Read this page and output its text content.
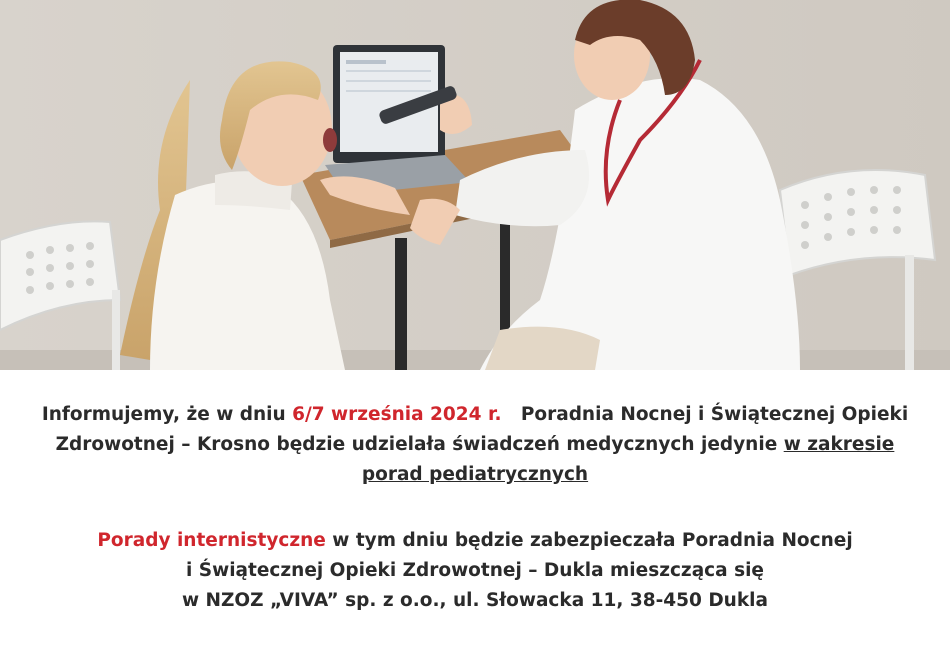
Informujemy, że w dniu 6/7 września 2024 r. Poradnia Nocnej i Świątecznej Opieki
Zdrowotnej – Krosno będzie udzielała świadczeń medycznych jedynie w zakresie
porad pediatrycznych

Porady internistyczne w tym dniu będzie zabezpieczała Poradnia Nocnej
i Świątecznej Opieki Zdrowotnej – Dukla mieszcząca się
w NZOZ „VIVA” sp. z o.o., ul. Słowacka 11, 38-450 Dukla
